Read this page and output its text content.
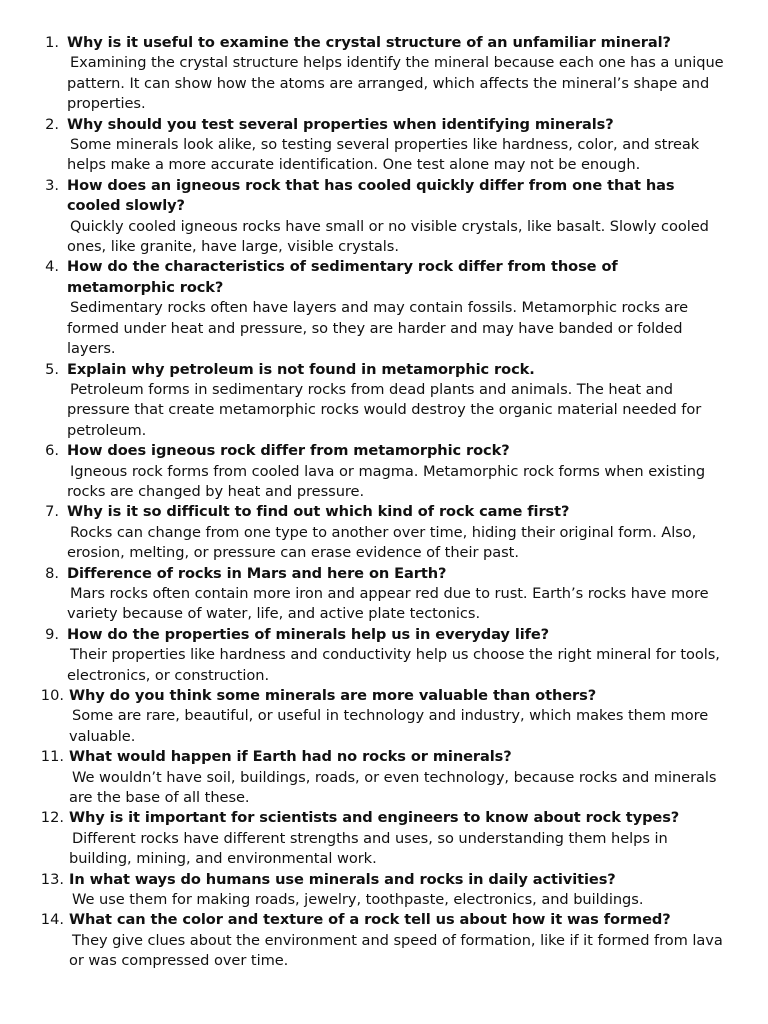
1. Why is it useful to examine the crystal structure of an unfamiliar mineral?
Examining the crystal structure helps identify the mineral because each one has a unique pattern. It can show how the atoms are arranged, which affects the mineral’s shape and properties.
2. Why should you test several properties when identifying minerals?
Some minerals look alike, so testing several properties like hardness, color, and streak helps make a more accurate identification. One test alone may not be enough.
3. How does an igneous rock that has cooled quickly differ from one that has cooled slowly?
Quickly cooled igneous rocks have small or no visible crystals, like basalt. Slowly cooled ones, like granite, have large, visible crystals.
4. How do the characteristics of sedimentary rock differ from those of metamorphic rock?
Sedimentary rocks often have layers and may contain fossils. Metamorphic rocks are formed under heat and pressure, so they are harder and may have banded or folded layers.
5. Explain why petroleum is not found in metamorphic rock.
Petroleum forms in sedimentary rocks from dead plants and animals. The heat and pressure that create metamorphic rocks would destroy the organic material needed for petroleum.
6. How does igneous rock differ from metamorphic rock?
Igneous rock forms from cooled lava or magma. Metamorphic rock forms when existing rocks are changed by heat and pressure.
7. Why is it so difficult to find out which kind of rock came first?
Rocks can change from one type to another over time, hiding their original form. Also, erosion, melting, or pressure can erase evidence of their past.
8. Difference of rocks in Mars and here on Earth?
Mars rocks often contain more iron and appear red due to rust. Earth’s rocks have more variety because of water, life, and active plate tectonics.
9. How do the properties of minerals help us in everyday life?
Their properties like hardness and conductivity help us choose the right mineral for tools, electronics, or construction.
10. Why do you think some minerals are more valuable than others?
Some are rare, beautiful, or useful in technology and industry, which makes them more valuable.
11. What would happen if Earth had no rocks or minerals?
We wouldn’t have soil, buildings, roads, or even technology, because rocks and minerals are the base of all these.
12. Why is it important for scientists and engineers to know about rock types?
Different rocks have different strengths and uses, so understanding them helps in building, mining, and environmental work.
13. In what ways do humans use minerals and rocks in daily activities?
We use them for making roads, jewelry, toothpaste, electronics, and buildings.
14. What can the color and texture of a rock tell us about how it was formed?
They give clues about the environment and speed of formation, like if it formed from lava or was compressed over time.
